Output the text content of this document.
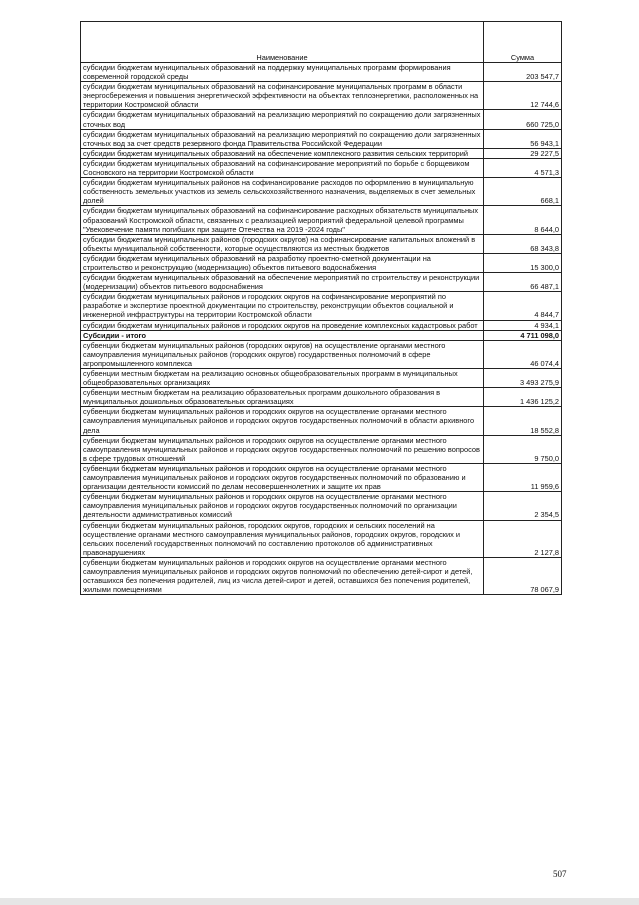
Наименование	Сумма
субсидии бюджетам муниципальных образований на поддержку муниципальных программ формирования современной городской среды	203 547,7
субсидии бюджетам муниципальных образований на софинансирование муниципальных программ в области энергосбережения и повышения энергетической эффективности на объектах теплоэнергетики, расположенных на территории Костромской области	12 744,6
субсидии бюджетам муниципальных образований на реализацию мероприятий по сокращению доли загрязненных сточных вод	660 725,0
субсидии бюджетам муниципальных образований на реализацию мероприятий по сокращению доли загрязненных сточных вод за счет средств резервного фонда Правительства Российской Федерации	56 943,1
субсидии бюджетам муниципальных образований на обеспечение комплексного развития сельских территорий	29 227,5
субсидии бюджетам муниципальных образований на софинансирование мероприятий по борьбе с борщевиком Сосновского на территории Костромской области	4 571,3
субсидии бюджетам муниципальных районов на софинансирование расходов по оформлению в муниципальную собственность земельных участков из земель сельскохозяйственного назначения, выделяемых в счет земельных долей	668,1
субсидии бюджетам муниципальных образований на софинансирование расходных обязательств муниципальных образований Костромской области, связанных с реализацией мероприятий федеральной целевой программы "Увековечение памяти погибших при защите Отечества на 2019 -2024 годы"	8 644,0
субсидии бюджетам муниципальных районов (городских округов) на софинансирование капитальных вложений в объекты муниципальной собственности, которые осуществляются из местных бюджетов	68 343,8
субсидии бюджетам муниципальных образований на разработку проектно-сметной документации на строительство и реконструкцию (модернизацию) объектов питьевого водоснабжения	15 300,0
субсидии бюджетам муниципальных образований на обеспечение мероприятий по строительству и реконструкции (модернизации) объектов питьевого водоснабжения	66 487,1
субсидии бюджетам муниципальных районов и городских округов на софинансирование мероприятий по разработке и экспертизе проектной документации по строительству, реконструкции объектов социальной и инженерной инфраструктуры на территории Костромской области	4 844,7
субсидии бюджетам муниципальных районов и городских округов на проведение комплексных кадастровых работ	4 934,1
Субсидии - итого	4 711 098,0
субвенции бюджетам муниципальных районов (городских округов) на осуществление органами местного самоуправления муниципальных районов (городских округов) государственных полномочий в сфере агропромышленного комплекса	46 074,4
субвенции местным бюджетам на реализацию основных общеобразовательных программ в муниципальных общеобразовательных организациях	3 493 275,9
субвенции местным бюджетам на реализацию образовательных программ дошкольного образования в муниципальных дошкольных образовательных организациях	1 436 125,2
субвенции бюджетам муниципальных районов и городских округов на осуществление органами местного самоуправления муниципальных районов и городских округов государственных полномочий в области архивного дела	18 552,8
субвенции бюджетам муниципальных районов и городских округов на осуществление органами местного самоуправления муниципальных районов и городских округов государственных полномочий по решению вопросов в сфере трудовых отношений	9 750,0
субвенции бюджетам муниципальных районов и городских округов на осуществление органами местного самоуправления муниципальных районов и городских округов государственных полномочий по образованию и организации деятельности комиссий по делам несовершеннолетних и защите их прав	11 959,6
субвенции бюджетам муниципальных районов и городских округов на осуществление органами местного самоуправления муниципальных районов и городских округов государственных полномочий по организации деятельности административных комиссий	2 354,5
субвенции бюджетам муниципальных районов, городских округов, городских и сельских поселений на осуществление органами местного самоуправления муниципальных районов, городских округов, городских и сельских поселений государственных полномочий по составлению протоколов об административных правонарушениях	2 127,8
субвенции бюджетам муниципальных районов и городских округов на осуществление органами местного самоуправления муниципальных районов и городских округов полномочий по обеспечению детей-сирот и детей, оставшихся без попечения родителей, лиц из числа детей-сирот и детей, оставшихся без попечения родителей, жилыми помещениями	78 067,9
507
